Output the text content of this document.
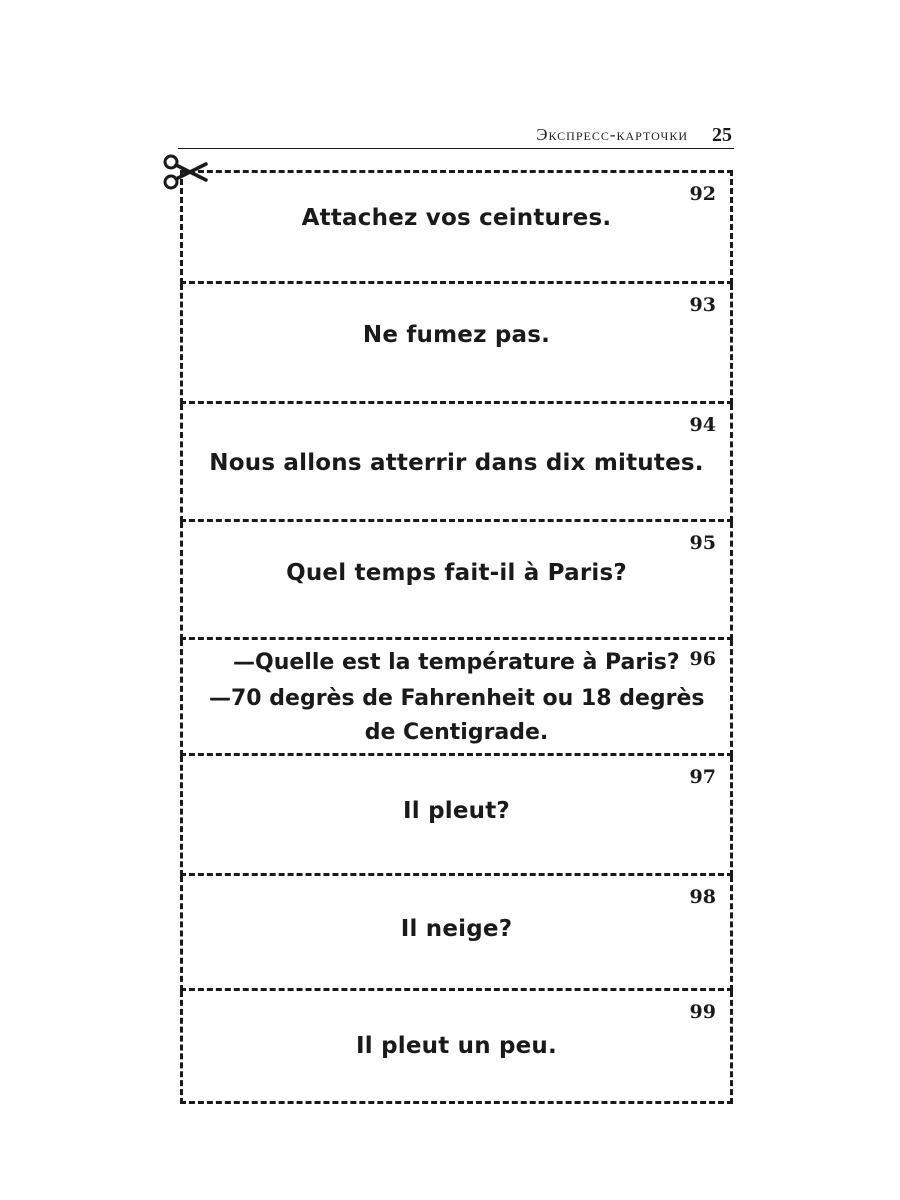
Экспресс-карточки 25
92
Attachez vos ceintures.
93
Ne fumez pas.
94
Nous allons atterrir dans dix mitutes.
95
Quel temps fait-il à Paris?
96
—Quelle est la température à Paris?
—70 degrès de Fahrenheit ou 18 degrès
de Centigrade.
97
Il pleut?
98
Il neige?
99
Il pleut un peu.
